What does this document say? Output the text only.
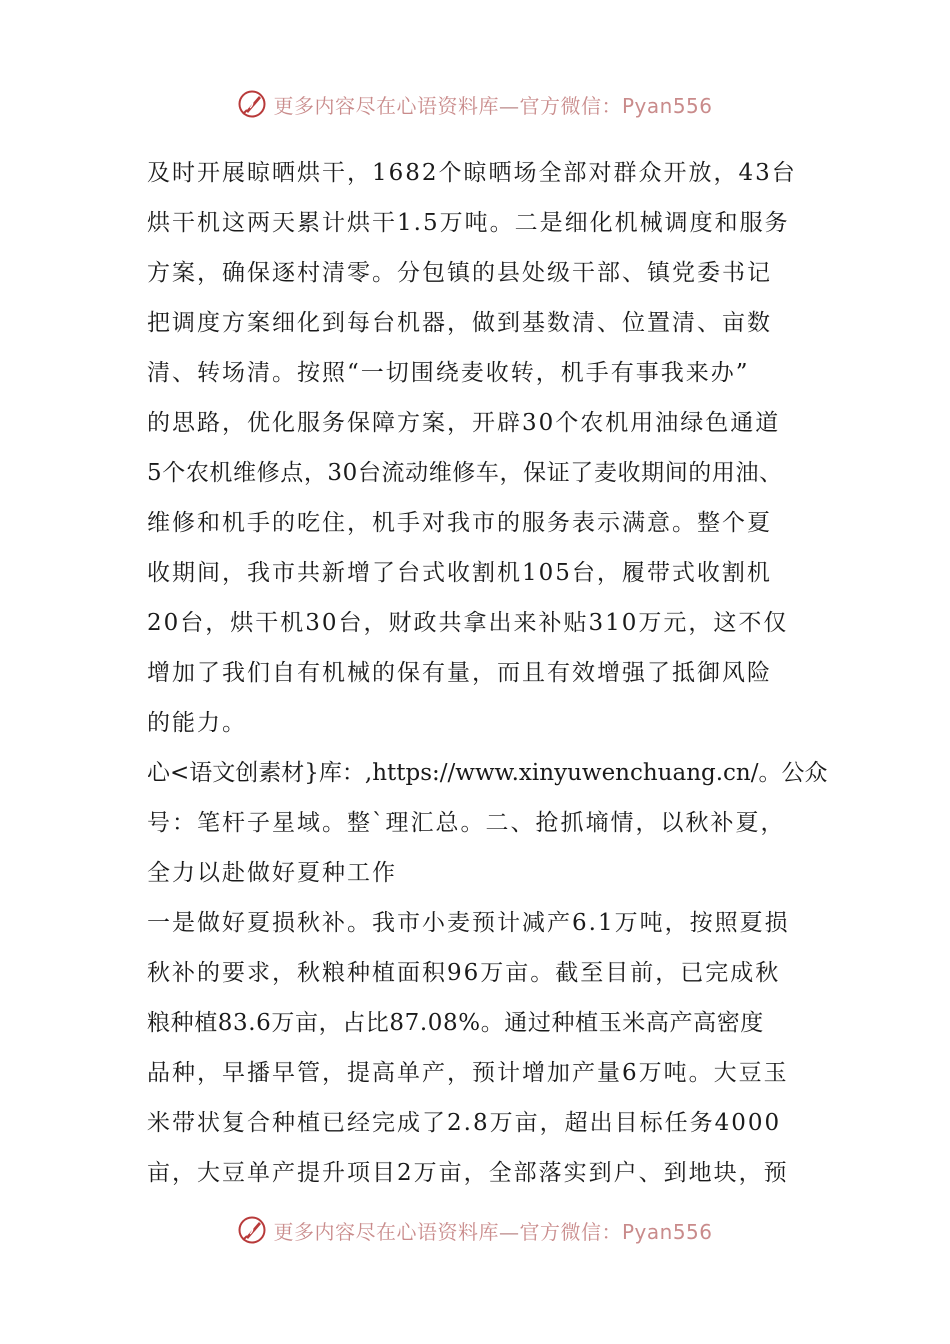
更多内容尽在心语资料库—官方微信：Pyan556
及时开展晾晒烘干，1682个晾晒场全部对群众开放，43台
烘干机这两天累计烘干1.5万吨。二是细化机械调度和服务
方案，确保逐村清零。分包镇的县处级干部、镇党委书记
把调度方案细化到每台机器，做到基数清、位置清、亩数
清、转场清。按照“一切围绕麦收转，机手有事我来办”
的思路，优化服务保障方案，开辟30个农机用油绿色通道
5个农机维修点，30台流动维修车，保证了麦收期间的用油、
维修和机手的吃住，机手对我市的服务表示满意。整个夏
收期间，我市共新增了台式收割机105台，履带式收割机
20台，烘干机30台，财政共拿出来补贴310万元，这不仅
增加了我们自有机械的保有量，而且有效增强了抵御风险
的能力。
心<语文创素材}库：,https://www.xinyuwenchuang.cn/。公众
号：笔杆子星域。整`理汇总。二、抢抓墒情，以秋补夏，
全力以赴做好夏种工作
一是做好夏损秋补。我市小麦预计减产6.1万吨，按照夏损
秋补的要求，秋粮种植面积96万亩。截至目前，已完成秋
粮种植83.6万亩，占比87.08%。通过种植玉米高产高密度
品种，早播早管，提高单产，预计增加产量6万吨。大豆玉
米带状复合种植已经完成了2.8万亩，超出目标任务4000
亩，大豆单产提升项目2万亩，全部落实到户、到地块，预
更多内容尽在心语资料库—官方微信：Pyan556
